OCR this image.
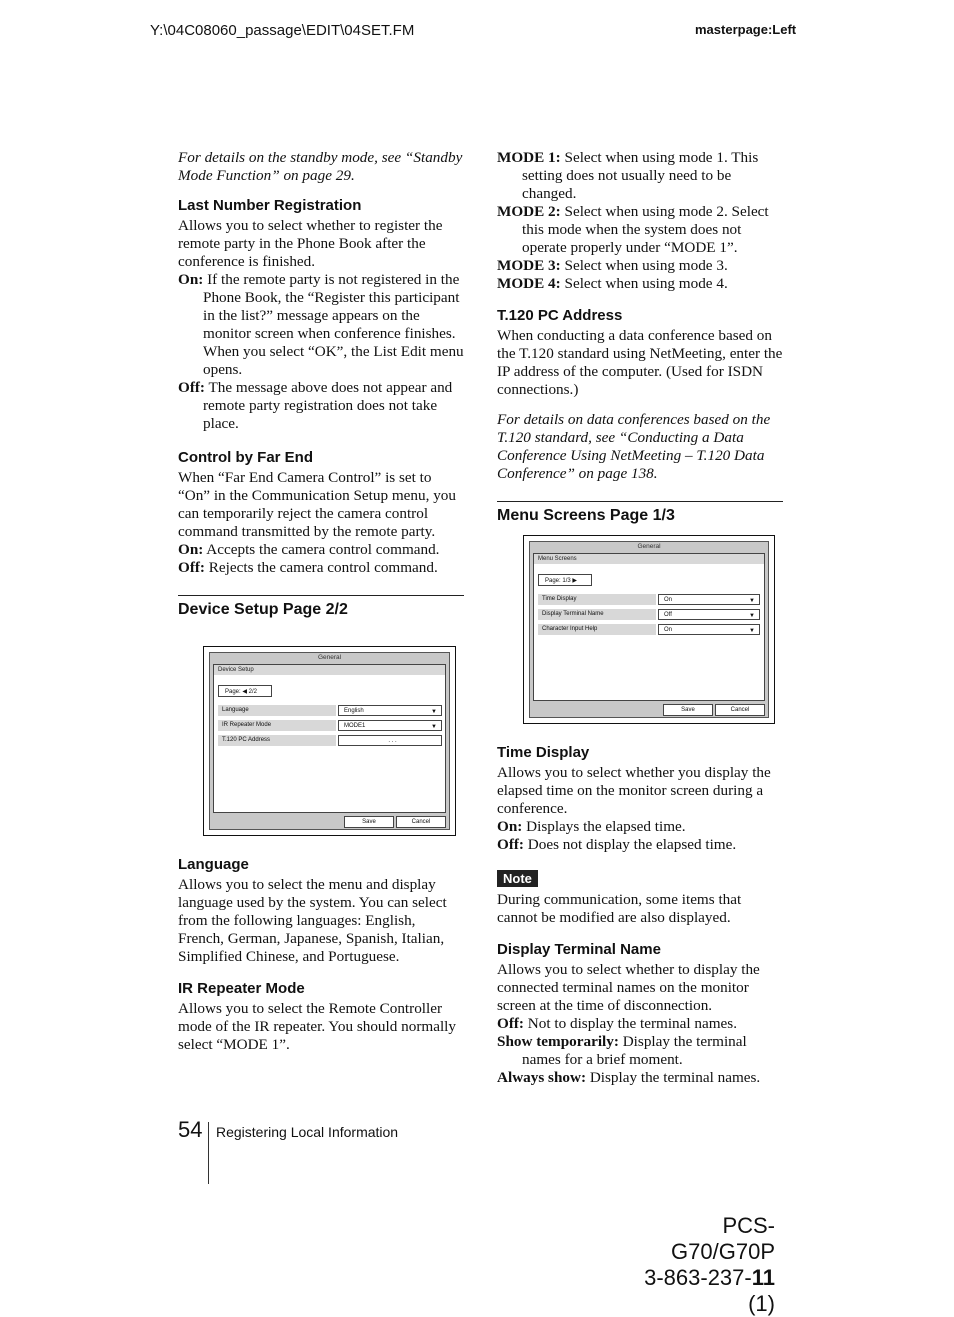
Y:\04C08060_passage\EDIT\04SET.FM	masterpage:Left

For details on the standby mode, see “Standby Mode Function” on page 29.

Last Number Registration

Allows you to select whether to register the remote party in the Phone Book after the conference is finished.

On: If the remote party is not registered in the Phone Book, the “Register this participant in the list?” message appears on the monitor screen when conference finishes. When you select “OK”, the List Edit menu opens.

Off: The message above does not appear and remote party registration does not take place.

Control by Far End

When “Far End Camera Control” is set to “On” in the Communication Setup menu, you can temporarily reject the camera control command transmitted by the remote party.

On: Accepts the camera control command.

Off: Rejects the camera control command.

Device Setup Page 2/2
General
Device Setup
Page: ◀ 2/2
Language	English	▼
IR Repeater Mode	MODE1	▼
T.120 PC Address	. . .
Save	Cancel
Language

Allows you to select the menu and display language used by the system. You can select from the following languages: English, French, German, Japanese, Spanish, Italian, Simplified Chinese, and Portuguese.

IR Repeater Mode

Allows you to select the Remote Controller mode of the IR repeater. You should normally select “MODE 1”.

MODE 1: Select when using mode 1. This setting does not usually need to be changed.

MODE 2: Select when using mode 2. Select this mode when the system does not operate properly under “MODE 1”.

MODE 3: Select when using mode 3.

MODE 4: Select when using mode 4.

T.120 PC Address

When conducting a data conference based on the T.120 standard using NetMeeting, enter the IP address of the computer. (Used for ISDN connections.)

For details on data conferences based on the T.120 standard, see “Conducting a Data Conference Using NetMeeting – T.120 Data Conference” on page 138.

Menu Screens Page 1/3
General
Menu Screens
Page: 1/3 ▶
Time Display	On	▼
Display Terminal Name	Off	▼
Character Input Help	On	▼
Save	Cancel
Time Display

Allows you to select whether you display the elapsed time on the monitor screen during a conference.

On: Displays the elapsed time.

Off: Does not display the elapsed time.

Note

During communication, some items that cannot be modified are also displayed.

Display Terminal Name

Allows you to select whether to display the connected terminal names on the monitor screen at the time of disconnection.

Off: Not to display the terminal names.

Show temporarily: Display the terminal names for a brief moment.

Always show: Display the terminal names.

54 Registering Local Information
PCS-G70/G70P
3-863-237-11 (1)
